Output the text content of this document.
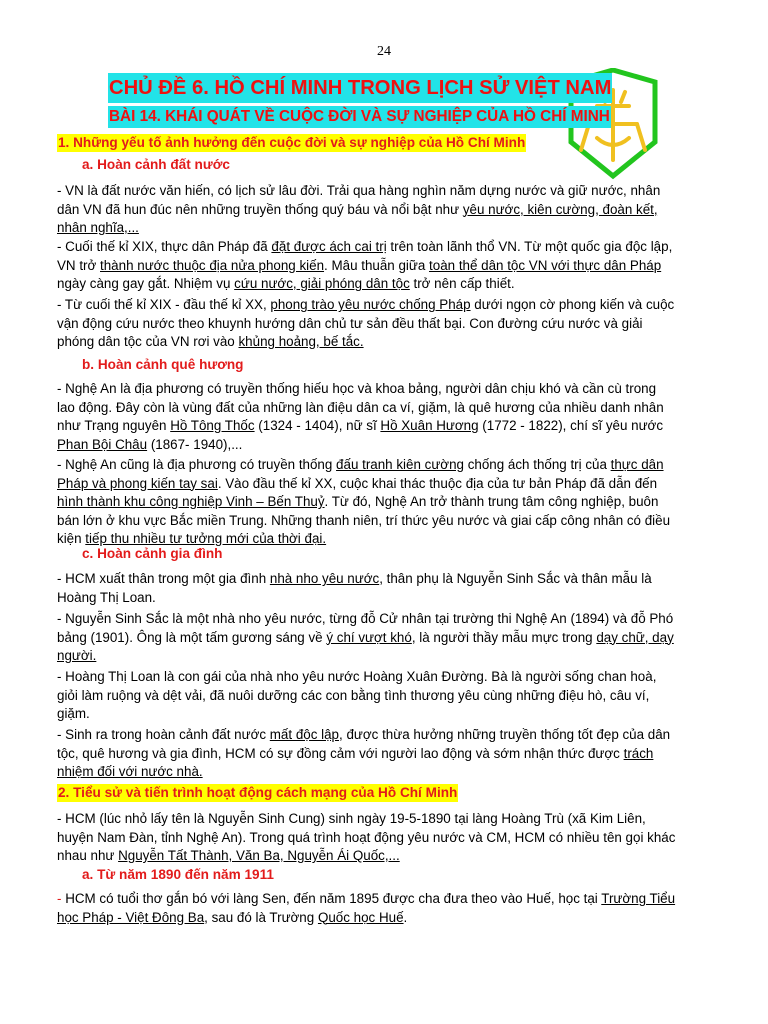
24
CHỦ ĐỀ 6. HỒ CHÍ MINH TRONG LỊCH SỬ VIỆT NAM
BÀI 14. KHÁI QUÁT VỀ CUỘC ĐỜI VÀ SỰ NGHIỆP CỦA HỒ CHÍ MINH
1. Những yếu tố ảnh hưởng đến cuộc đời và sự nghiệp của Hồ Chí Minh
a. Hoàn cảnh đất nước
- VN là đất nước văn hiến, có lịch sử lâu đời. Trải qua hàng nghìn năm dựng nước và giữ nước, nhân dân VN đã hun đúc nên những truyền thống quý báu và nổi bật như yêu nước, kiên cường, đoàn kết, nhân nghĩa,...
- Cuối thế kỉ XIX, thực dân Pháp đã đặt được ách cai trị trên toàn lãnh thổ VN. Từ một quốc gia độc lập, VN trở thành nước thuộc địa nửa phong kiến. Mâu thuẫn giữa toàn thể dân tộc VN với thực dân Pháp ngày càng gay gắt. Nhiệm vụ cứu nước, giải phóng dân tộc trở nên cấp thiết.
- Từ cuối thế kỉ XIX - đầu thế kỉ XX, phong trào yêu nước chống Pháp dưới ngọn cờ phong kiến và cuộc vận động cứu nước theo khuynh hướng dân chủ tư sản đều thất bại. Con đường cứu nước và giải phóng dân tộc của VN rơi vào khủng hoảng, bế tắc.
b. Hoàn cảnh quê hương
- Nghệ An là địa phương có truyền thống hiếu học và khoa bảng, người dân chịu khó và cần cù trong lao động. Đây còn là vùng đất của những làn điệu dân ca ví, giặm, là quê hương của nhiều danh nhân như Trạng nguyên Hồ Tông Thốc (1324 - 1404), nữ sĩ Hồ Xuân Hương (1772 - 1822), chí sĩ yêu nước Phan Bội Châu (1867- 1940),...
- Nghệ An cũng là địa phương có truyền thống đấu tranh kiên cường chống ách thống trị của thực dân Pháp và phong kiến tay sai. Vào đầu thế kỉ XX, cuộc khai thác thuộc địa của tư bản Pháp đã dẫn đến hình thành khu công nghiệp Vinh – Bến Thuỷ. Từ đó, Nghệ An trở thành trung tâm công nghiệp, buôn bán lớn ở khu vực Bắc miền Trung. Những thanh niên, trí thức yêu nước và giai cấp công nhân có điều kiện tiếp thu nhiều tư tưởng mới của thời đại.
c. Hoàn cảnh gia đình
- HCM xuất thân trong một gia đình nhà nho yêu nước, thân phụ là Nguyễn Sinh Sắc và thân mẫu là Hoàng Thị Loan.
- Nguyễn Sinh Sắc là một nhà nho yêu nước, từng đỗ Cử nhân tại trường thi Nghệ An (1894) và đỗ Phó bảng (1901). Ông là một tấm gương sáng về ý chí vượt khó, là người thầy mẫu mực trong dạy chữ, dạy người.
- Hoàng Thị Loan là con gái của nhà nho yêu nước Hoàng Xuân Đường. Bà là người sống chan hoà, giỏi làm ruộng và dệt vải, đã nuôi dưỡng các con bằng tình thương yêu cùng những điệu hò, câu ví, giặm.
- Sinh ra trong hoàn cảnh đất nước mất độc lập, được thừa hưởng những truyền thống tốt đẹp của dân tộc, quê hương và gia đình, HCM có sự đồng cảm với người lao động và sớm nhận thức được trách nhiệm đối với nước nhà.
2. Tiểu sử và tiến trình hoạt động cách mạng của Hồ Chí Minh
- HCM (lúc nhỏ lấy tên là Nguyễn Sinh Cung) sinh ngày 19-5-1890 tại làng Hoàng Trù (xã Kim Liên, huyện Nam Đàn, tỉnh Nghệ An). Trong quá trình hoạt động yêu nước và CM, HCM có nhiều tên gọi khác nhau như Nguyễn Tất Thành, Văn Ba, Nguyễn Ái Quốc,...
a. Từ năm 1890 đến năm 1911
- HCM có tuổi thơ gắn bó với làng Sen, đến năm 1895 được cha đưa theo vào Huế, học tại Trường Tiểu học Pháp - Việt Đông Ba, sau đó là Trường Quốc học Huế.
